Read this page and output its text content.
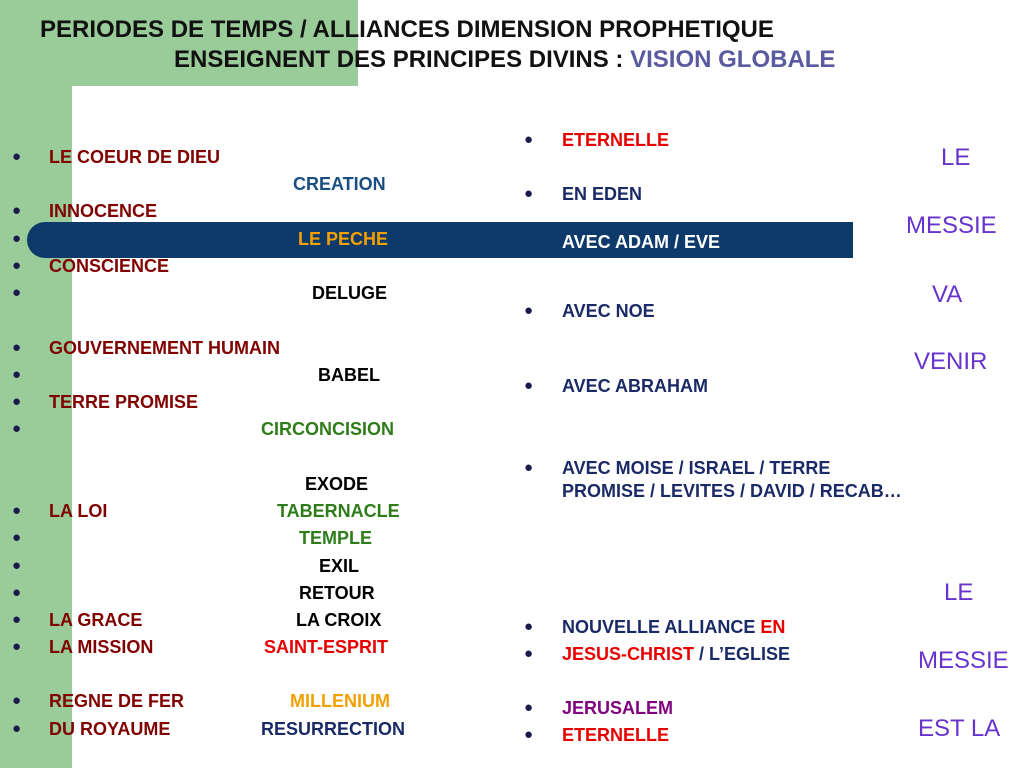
PERIODES DE TEMPS / ALLIANCES DIMENSION PROPHETIQUE
ENSEIGNENT DES PRINCIPES DIVINS : VISION GLOBALE
● LE COEUR DE DIEU
CREATION
● INNOCENCE
●	LE PECHE
● CONSCIENCE
●	DELUGE
● GOUVERNEMENT HUMAIN
●	BABEL
● TERRE PROMISE
●	CIRCONCISION
EXODE
● LA LOI	TABERNACLE
●	TEMPLE
●	EXIL
●	RETOUR
● LA GRACE	LA CROIX
● LA MISSION	SAINT-ESPRIT
● REGNE DE FER	MILLENIUM
● DU ROYAUME	RESURRECTION
● ETERNELLE
● EN EDEN
AVEC ADAM / EVE
● AVEC NOE
● AVEC ABRAHAM
● AVEC MOISE / ISRAEL / TERRE
PROMISE / LEVITES / DAVID / RECAB…
● NOUVELLE ALLIANCE EN
● JESUS-CHRIST / L’EGLISE
● JERUSALEM
● ETERNELLE
LE
MESSIE
VA
VENIR
LE
MESSIE
EST LA
